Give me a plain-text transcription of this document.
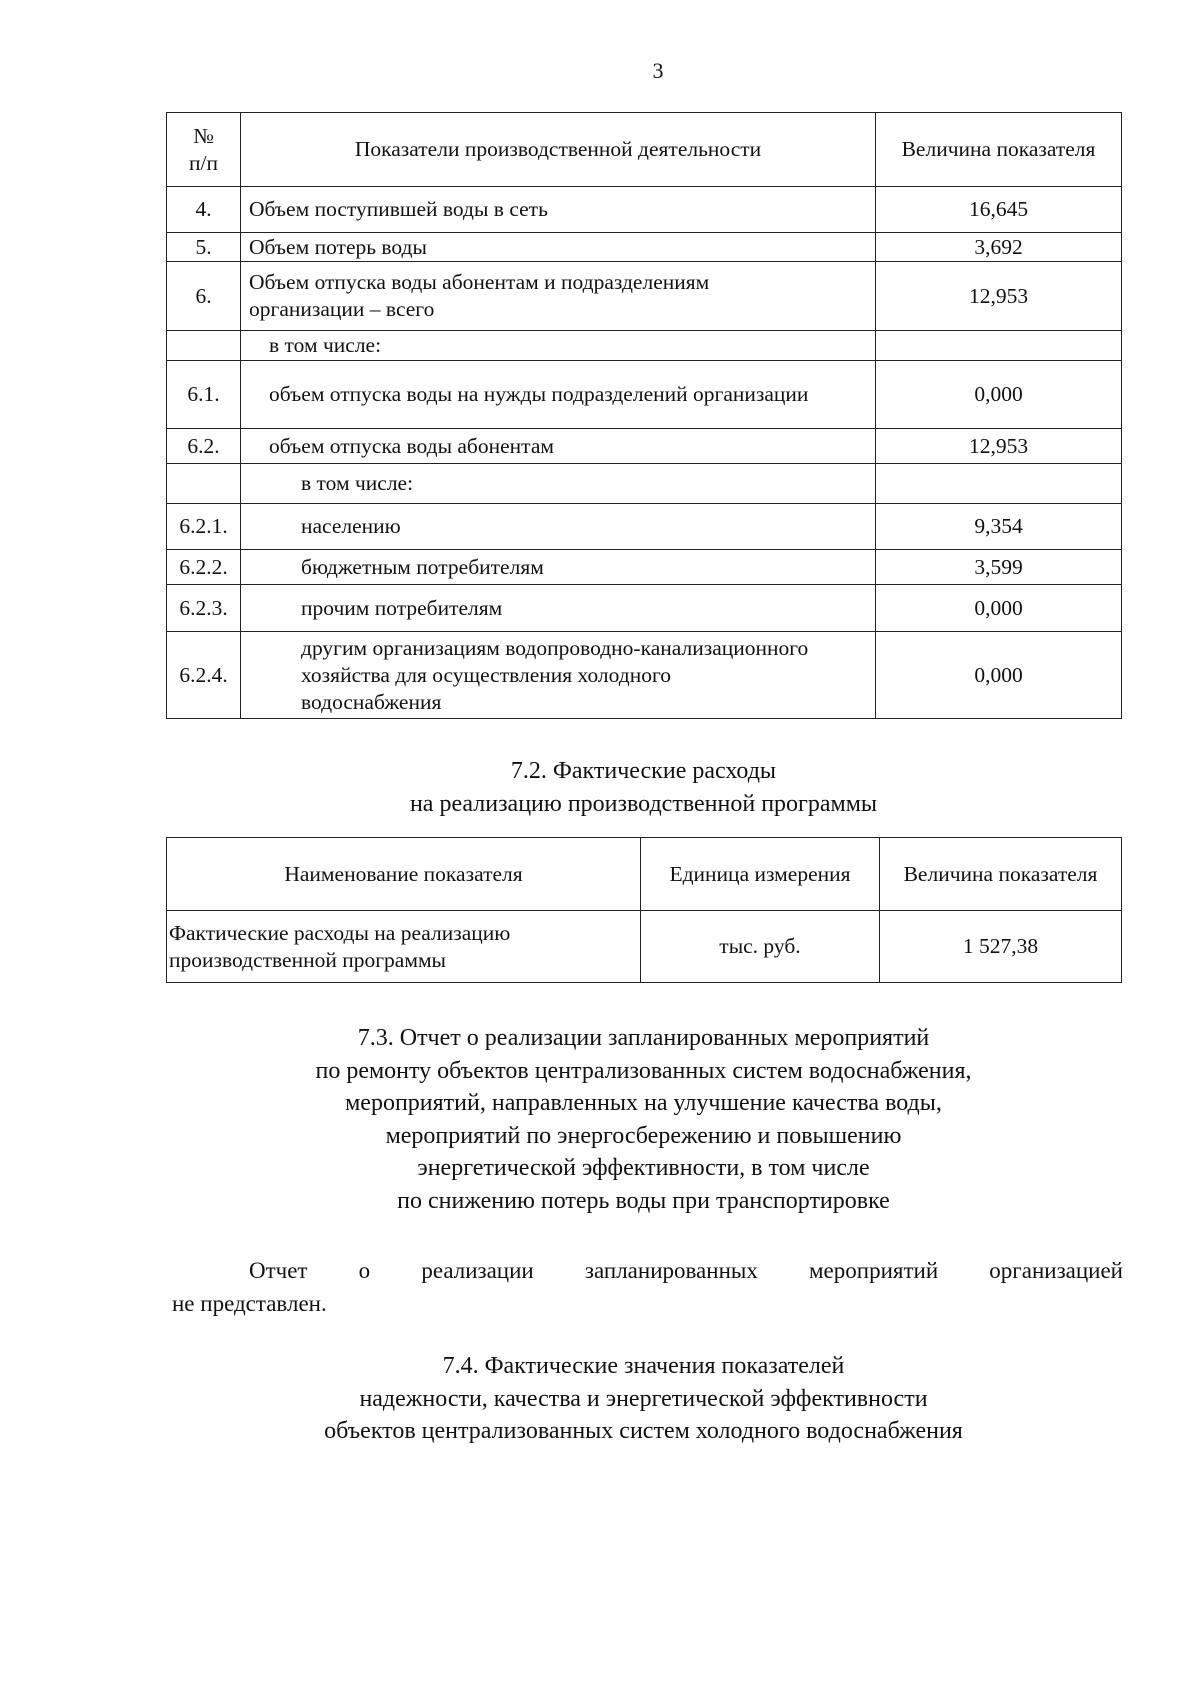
3
№ п/п	Показатели производственной деятельности	Величина показателя
4.	Объем поступившей воды в сеть	16,645
5.	Объем потерь воды	3,692
6.	Объем отпуска воды абонентам и подразделениям организации – всего	12,953
	в том числе:	
6.1.	объем отпуска воды на нужды подразделений организации	0,000
6.2.	объем отпуска воды абонентам	12,953
	в том числе:	
6.2.1.	населению	9,354
6.2.2.	бюджетным потребителям	3,599
6.2.3.	прочим потребителям	0,000
6.2.4.	другим организациям водопроводно-канализационного хозяйства для осуществления холодного водоснабжения	0,000
7.2. Фактические расходы
на реализацию производственной программы
Наименование показателя	Единица измерения	Величина показателя
Фактические расходы на реализацию производственной программы	тыс. руб.	1 527,38
7.3. Отчет о реализации запланированных мероприятий
по ремонту объектов централизованных систем водоснабжения,
мероприятий, направленных на улучшение качества воды,
мероприятий по энергосбережению и повышению
энергетической эффективности, в том числе
по снижению потерь воды при транспортировке
Отчет о реализации запланированных мероприятий организацией
не представлен.
7.4. Фактические значения показателей
надежности, качества и энергетической эффективности
объектов централизованных систем холодного водоснабжения
